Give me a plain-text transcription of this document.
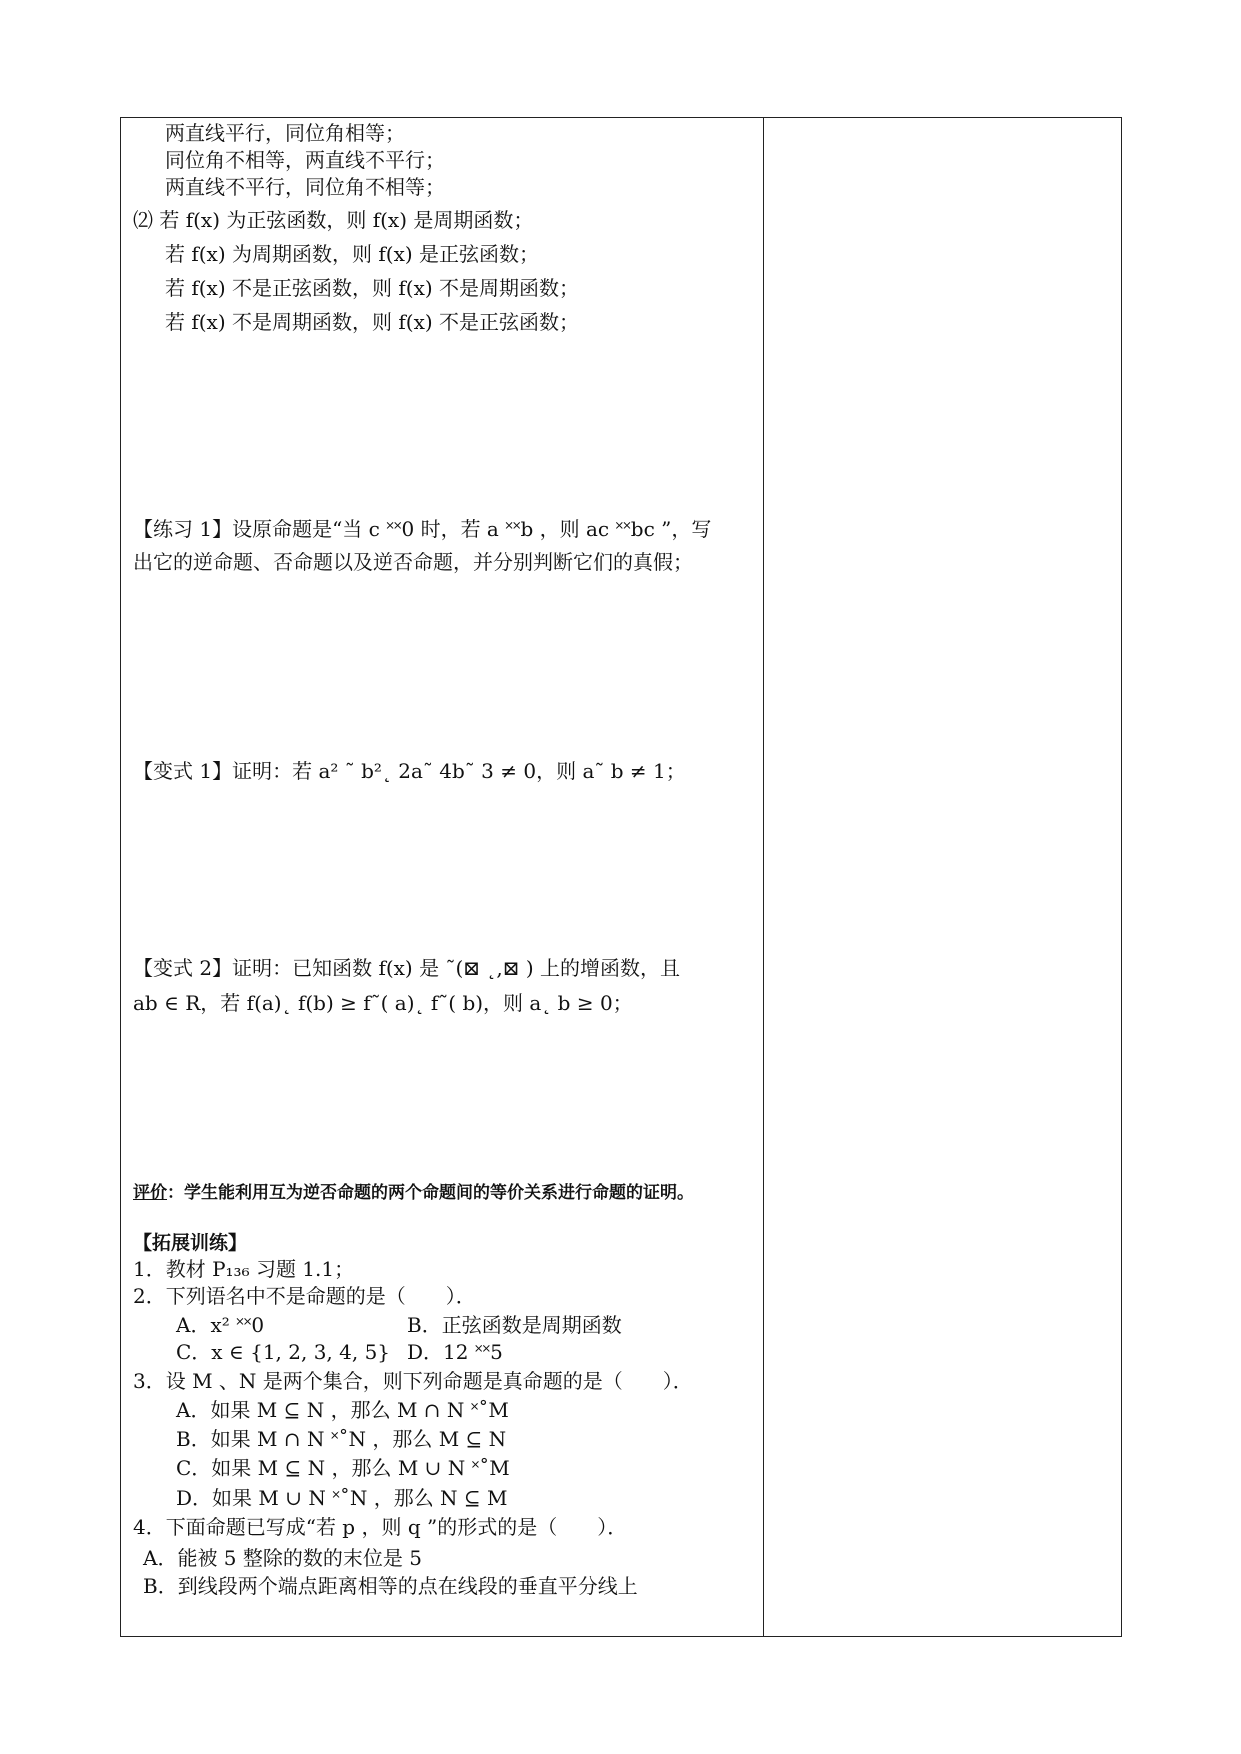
两直线平行，同位角相等；
同位角不相等，两直线不平行；
两直线不平行，同位角不相等；
⑵ 若 f(x) 为正弦函数，则 f(x) 是周期函数；
若 f(x) 为周期函数，则 f(x) 是正弦函数；
若 f(x) 不是正弦函数，则 f(x) 不是周期函数；
若 f(x) 不是周期函数，则 f(x) 不是正弦函数；
【练习 1】设原命题是“当 c ˟˟0 时，若 a ˟˟b ，则 ac ˟˟bc ”，写
出它的逆命题、否命题以及逆否命题，并分别判断它们的真假；
【变式 1】证明：若 a² ˜ b²˛ 2a˜ 4b˜ 3 ≠ 0，则 a˜ b ≠ 1；
【变式 2】证明：已知函数 f(x) 是 ˜(⊠ ˛,⊠ ) 上的增函数，且
ab ∈ R，若 f(a)˛ f(b) ≥ f˜( a)˛ f˜( b)，则 a˛ b ≥ 0；
评价：学生能利用互为逆否命题的两个命题间的等价关系进行命题的证明。
【拓展训练】
1．教材 P₁₃₆ 习题 1.1；
2．下列语名中不是命题的是（　　）．
A．x² ˟˟0	B．正弦函数是周期函数
C．x ∈ {1, 2, 3, 4, 5} D．12 ˟˟5
3．设 M 、N 是两个集合，则下列命题是真命题的是（　　）．
A．如果 M ⊆ N ，那么 M ∩ N ˟˚M
B．如果 M ∩ N ˟˚N ，那么 M ⊆ N
C．如果 M ⊆ N ，那么 M ∪ N ˟˚M
D．如果 M ∪ N ˟˚N ，那么 N ⊆ M
4．下面命题已写成“若 p ，则 q ”的形式的是（　　）．
A．能被 5 整除的数的末位是 5
B．到线段两个端点距离相等的点在线段的垂直平分线上
